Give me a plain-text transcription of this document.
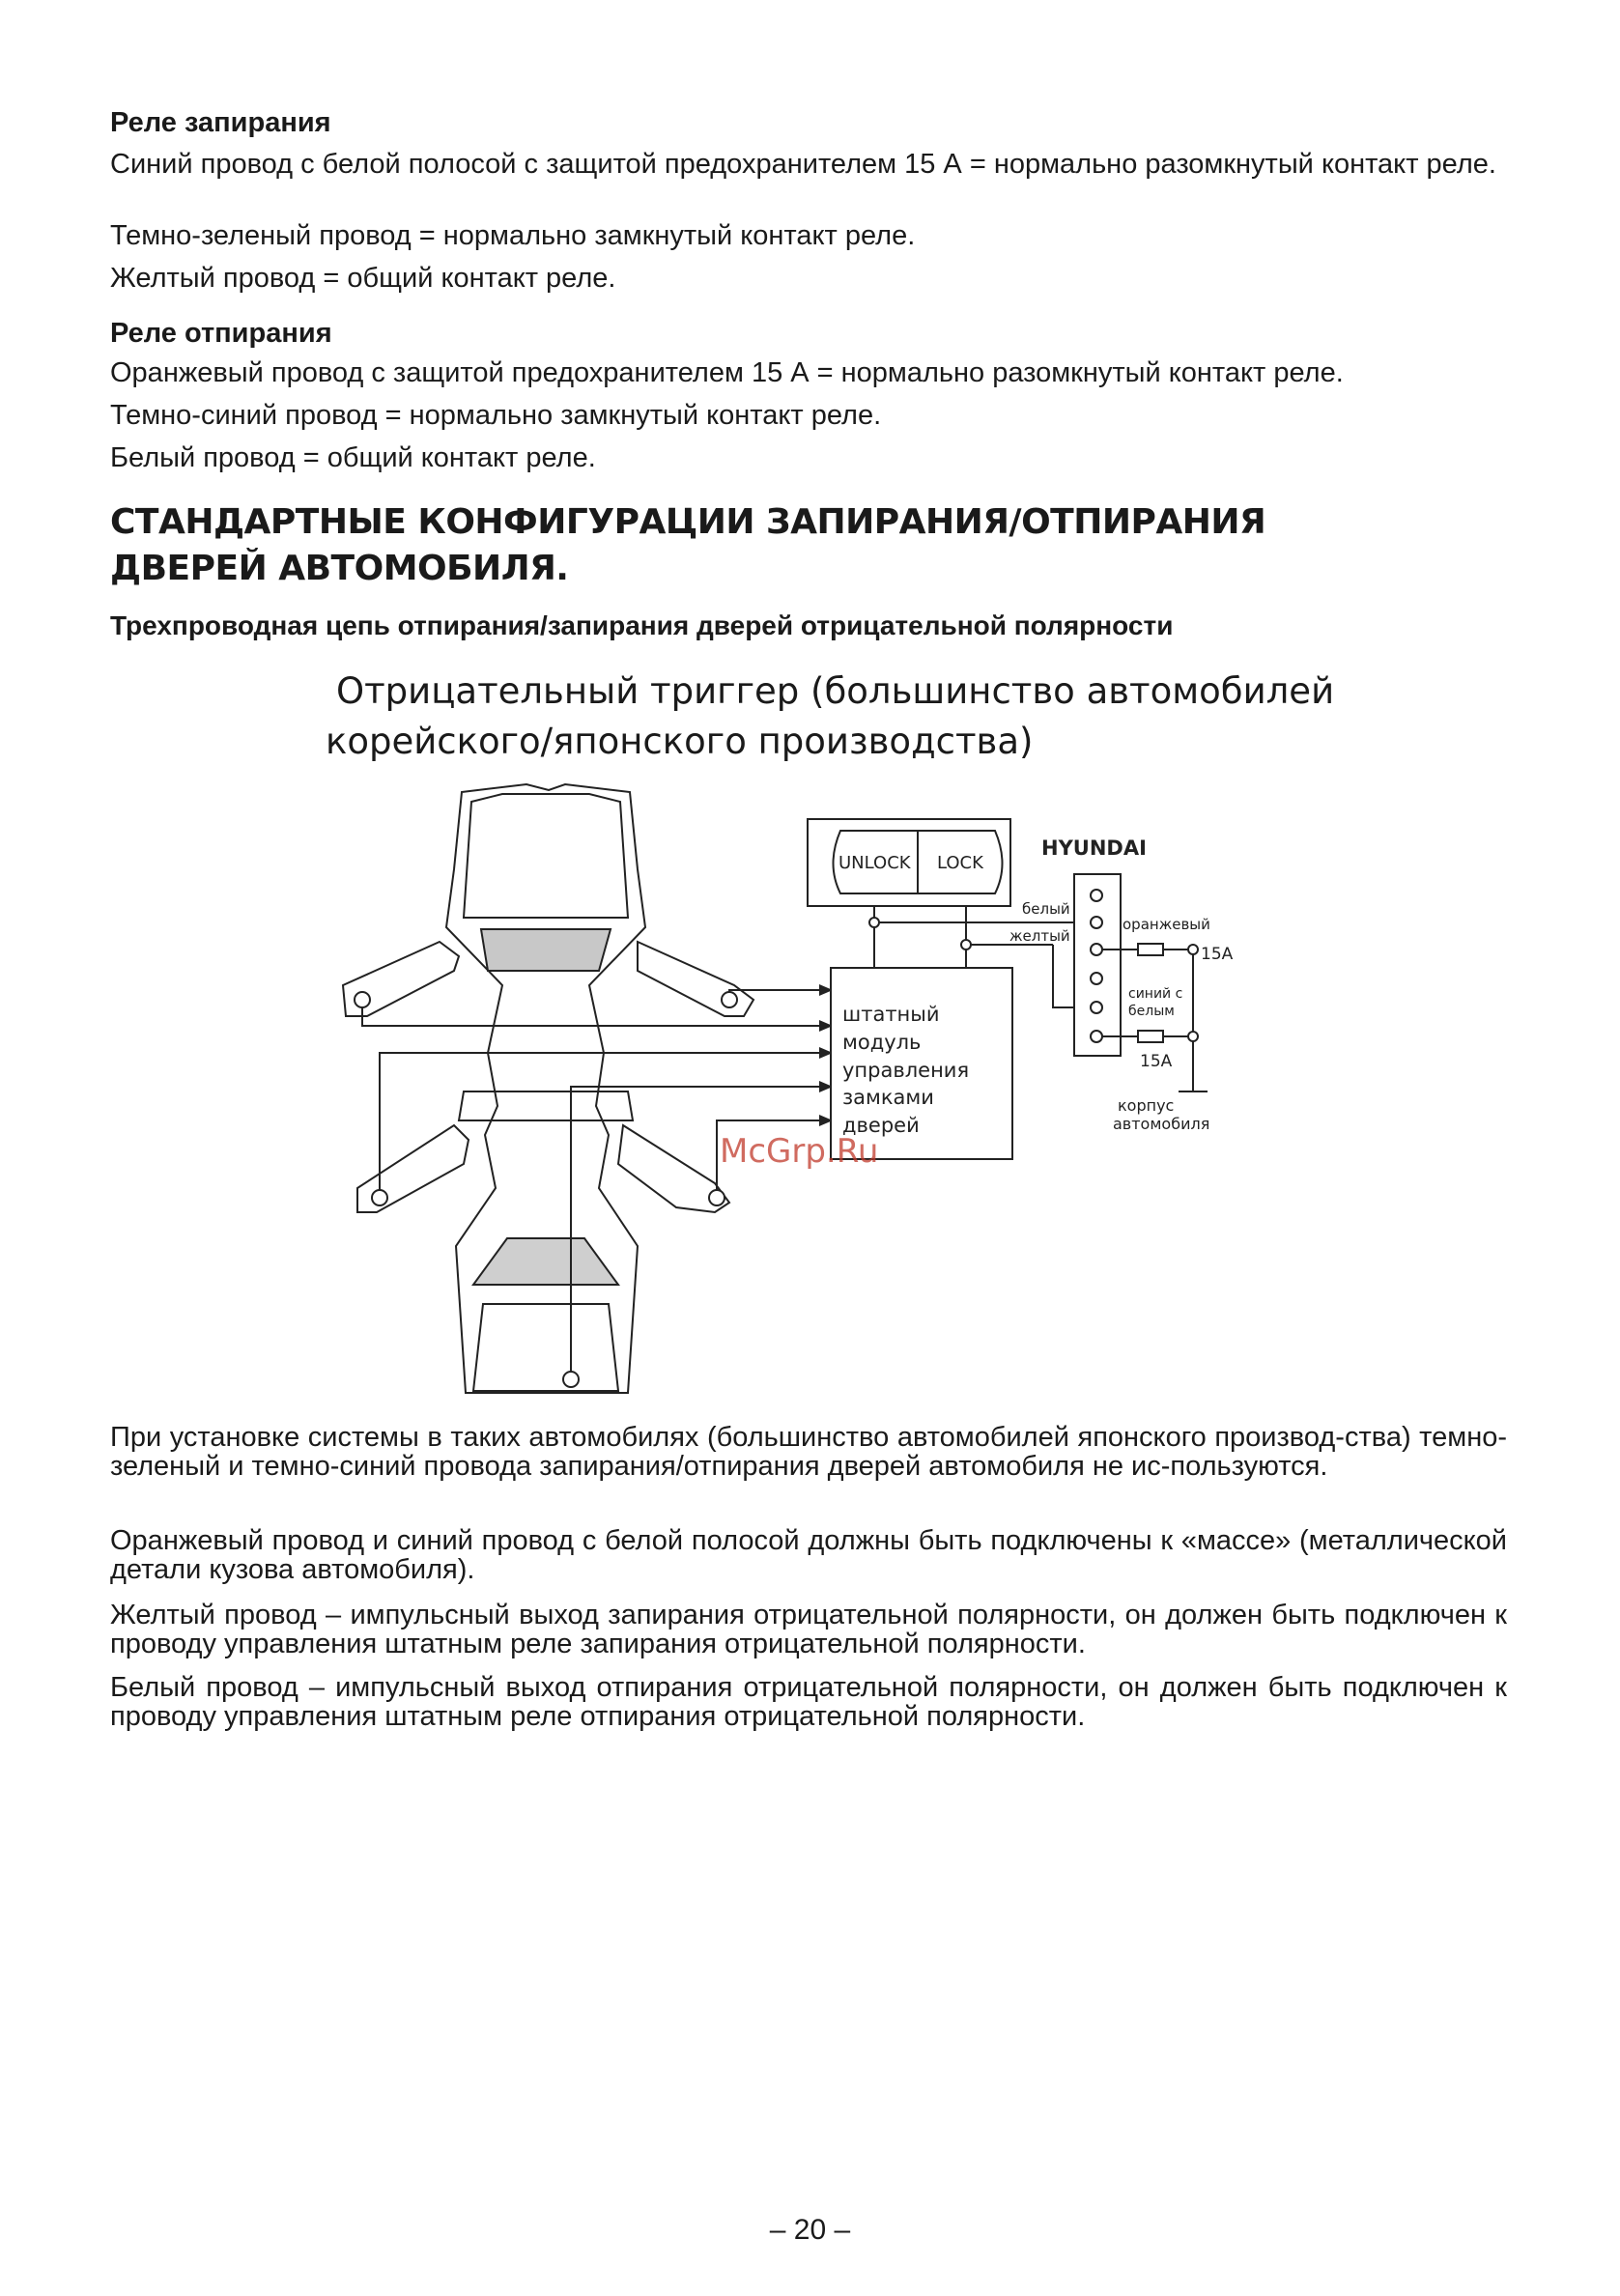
Реле запирания
Синий провод с белой полосой с защитой предохранителем 15 А = нормально разомкнутый контакт реле.
Темно-зеленый провод = нормально замкнутый контакт реле.
Желтый провод = общий контакт реле.
Реле отпирания
Оранжевый провод с защитой предохранителем 15 А = нормально разомкнутый контакт реле.
Темно-синий провод = нормально замкнутый контакт реле.
Белый провод = общий контакт реле.
СТАНДАРТНЫЕ КОНФИГУРАЦИИ ЗАПИРАНИЯ/ОТПИРАНИЯ ДВЕРЕЙ АВТОМОБИЛЯ.
Трехпроводная цепь отпирания/запирания дверей отрицательной полярности
Отрицательный триггер (большинство автомобилей
корейского/японского производства)
UNLOCK LOCK
штатный
модуль
управления
замками
дверей
HYUNDAI
белый
желтый
оранжевый
синий с
белым
15A
15A
корпус
автомобиля
McGrp.Ru
При установке системы в таких автомобилях (большинство автомобилей японского производ-ства) темно-зеленый и темно-синий провода запирания/отпирания дверей автомобиля не ис-пользуются.
Оранжевый провод и синий провод с белой полосой должны быть подключены к «массе» (металлической детали кузова автомобиля).
Желтый провод – импульсный выход запирания отрицательной полярности, он должен быть подключен к проводу управления штатным реле запирания отрицательной полярности.
Белый провод – импульсный выход отпирания отрицательной полярности, он должен быть подключен к проводу управления штатным реле отпирания отрицательной полярности.
– 20 –
